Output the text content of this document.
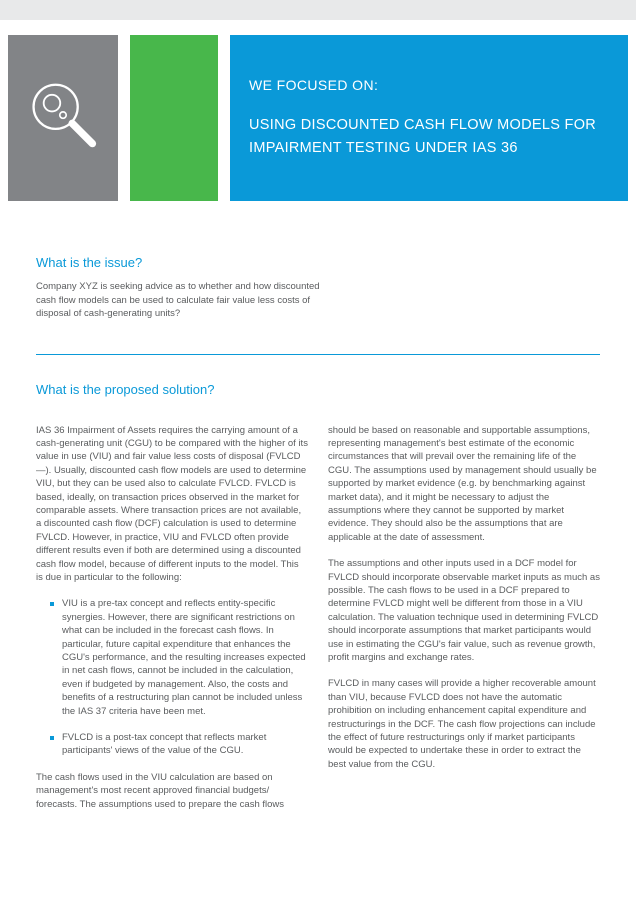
WE FOCUSED ON:
USING DISCOUNTED CASH FLOW MODELS FOR
IMPAIRMENT TESTING UNDER IAS 36
What is the issue?
Company XYZ is seeking advice as to whether and how discounted cash flow models can be used to calculate fair value less costs of disposal of cash-generating units?
What is the proposed solution?

IAS 36 Impairment of Assets requires the carrying amount of a cash-generating unit (CGU) to be compared with the higher of its value in use (VIU) and fair value less costs of disposal (FVLCD—). Usually, discounted cash flow models are used to determine VIU, but they can be used also to calculate FVLCD. FVLCD is based, ideally, on transaction prices observed in the market for comparable assets. Where transaction prices are not available, a discounted cash flow (DCF) calculation is used to determine FVLCD. However, in practice, VIU and FVLCD often provide different results even if both are determined using a discounted cash flow model, because of different inputs to the model. This is due in particular to the following:

VIU is a pre-tax concept and reflects entity-specific synergies. However, there are significant restrictions on what can be included in the forecast cash flows. In particular, future capital expenditure that enhances the CGU's performance, and the resulting increases expected in net cash flows, cannot be included in the calculation, even if budgeted by management. Also, the costs and benefits of a restructuring plan cannot be included unless the IAS 37 criteria have been met.
FVLCD is a post-tax concept that reflects market participants' views of the value of the CGU.

The cash flows used in the VIU calculation are based on management's most recent approved financial budgets/ forecasts. The assumptions used to prepare the cash flows

should be based on reasonable and supportable assumptions, representing management's best estimate of the economic circumstances that will prevail over the remaining life of the CGU. The assumptions used by management should usually be supported by market evidence (e.g. by benchmarking against market data), and it might be necessary to adjust the assumptions where they cannot be supported by market evidence. They should also be the assumptions that are applicable at the date of assessment.

The assumptions and other inputs used in a DCF model for FVLCD should incorporate observable market inputs as much as possible. The cash flows to be used in a DCF prepared to determine FVLCD might well be different from those in a VIU calculation. The valuation technique used in determining FVLCD should incorporate assumptions that market participants would use in estimating the CGU's fair value, such as revenue growth, profit margins and exchange rates.

FVLCD in many cases will provide a higher recoverable amount than VIU, because FVLCD does not have the automatic prohibition on including enhancement capital expenditure and restructurings in the DCF. The cash flow projections can include the effect of future restructurings only if market participants would be expected to undertake these in order to extract the best value from the CGU.
